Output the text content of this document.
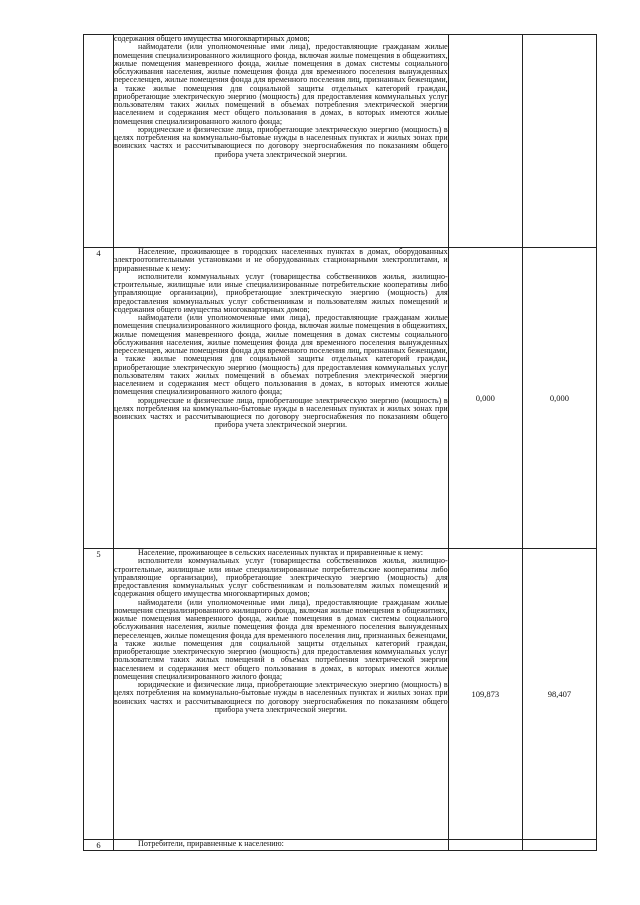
	содержания общего имущества многоквартирных домов;

наймодатели (или уполномоченные ими лица), предоставляющие гражданам жилые помещения специализированного жилищного фонда, включая жилые помещения в общежитиях, жилые помещения маневренного фонда, жилые помещения в домах системы социального обслуживания населения, жилые помещения фонда для временного поселения вынужденных переселенцев, жилые помещения фонда для временного поселения лиц, признанных беженцами, а также жилые помещения для социальной защиты отдельных категорий граждан, приобретающие электрическую энергию (мощность) для предоставления коммунальных услуг пользователям таких жилых помещений в объемах потребления электрической энергии населением и содержания мест общего пользования в домах, в которых имеются жилые помещения специализированного жилого фонда;

юридические и физические лица, приобретающие электрическую энергию (мощность) в целях потребления на коммунально-бытовые нужды в населенных пунктах и жилых зонах при воинских частях и рассчитывающиеся по договору энергоснабжения по показаниям общего прибора учета электрической энергии.		

4	Население, проживающее в городских населенных пунктах в домах, оборудованных электроотопительными установками и не оборудованных стационарными электроплитами, и приравненные к нему:

исполнители коммунальных услуг (товарищества собственников жилья, жилищно-строительные, жилищные или иные специализированные потребительские кооперативы либо управляющие организации), приобретающие электрическую энергию (мощность) для предоставления коммунальных услуг собственникам и пользователям жилых помещений и содержания общего имущества многоквартирных домов;

наймодатели (или уполномоченные ими лица), предоставляющие гражданам жилые помещения специализированного жилищного фонда, включая жилые помещения в общежитиях, жилые помещения маневренного фонда, жилые помещения в домах системы социального обслуживания населения, жилые помещения фонда для временного поселения вынужденных переселенцев, жилые помещения фонда для временного поселения лиц, признанных беженцами, а также жилые помещения для социальной защиты отдельных категорий граждан, приобретающие электрическую энергию (мощность) для предоставления коммунальных услуг пользователям таких жилых помещений в объемах потребления электрической энергии населением и содержания мест общего пользования в домах, в которых имеются жилые помещения специализированного жилого фонда;

юридические и физические лица, приобретающие электрическую энергию (мощность) в целях потребления на коммунально-бытовые нужды в населенных пунктах и жилых зонах при воинских частях и рассчитывающиеся по договору энергоснабжения по показаниям общего прибора учета электрической энергии.	0,000	0,000
5	Население, проживающее в сельских населенных пунктах и приравненные к нему:

исполнители коммунальных услуг (товарищества собственников жилья, жилищно-строительные, жилищные или иные специализированные потребительские кооперативы либо управляющие организации), приобретающие электрическую энергию (мощность) для предоставления коммунальных услуг собственникам и пользователям жилых помещений и содержания общего имущества многоквартирных домов;

наймодатели (или уполномоченные ими лица), предоставляющие гражданам жилые помещения специализированного жилищного фонда, включая жилые помещения в общежитиях, жилые помещения маневренного фонда, жилые помещения в домах системы социального обслуживания населения, жилые помещения фонда для временного поселения вынужденных переселенцев, жилые помещения фонда для временного поселения лиц, признанных беженцами, а также жилые помещения для социальной защиты отдельных категорий граждан, приобретающие электрическую энергию (мощность) для предоставления коммунальных услуг пользователям таких жилых помещений в объемах потребления электрической энергии населением и содержания мест общего пользования в домах, в которых имеются жилые помещения специализированного жилого фонда;

юридические и физические лица, приобретающие электрическую энергию (мощность) в целях потребления на коммунально-бытовые нужды в населенных пунктах и жилых зонах при воинских частях и рассчитывающиеся по договору энергоснабжения по показаниям общего прибора учета электрической энергии.	109,873	98,407
6	Потребители, приравненные к населению:		
